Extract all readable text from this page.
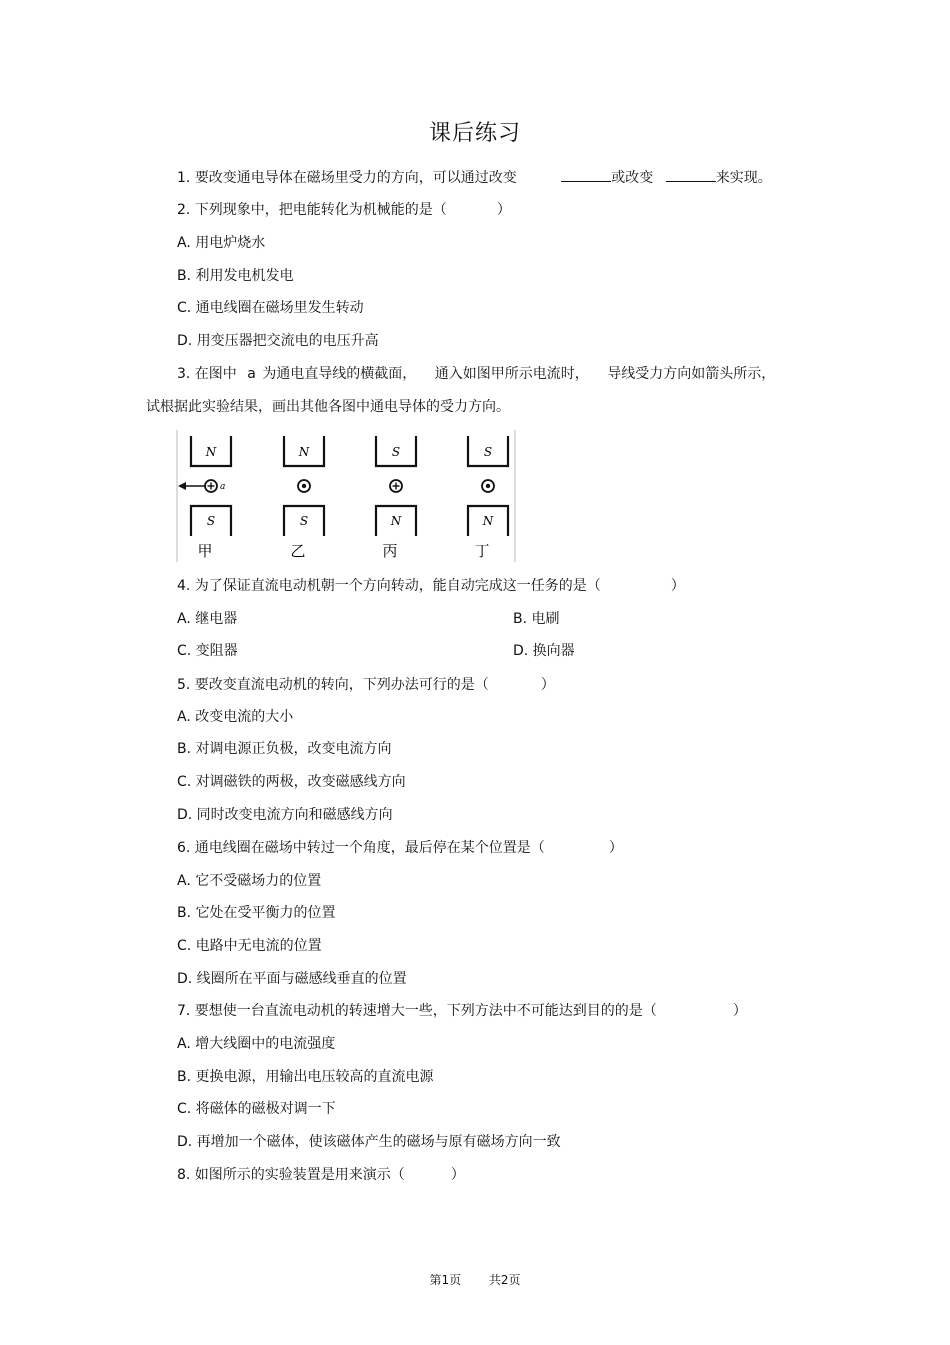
课后练习
1. 要改变通电导体在磁场里受力的方向，可以通过改变	或改变	来实现。
2. 下列现象中，把电能转化为机械能的是（	）
A. 用电炉烧水
B. 利用发电机发电
C. 通电线圈在磁场里发生转动
D. 用变压器把交流电的电压升高
3. 在图中 a 为通电直导线的横截面， 通入如图甲所示电流时， 导线受力方向如箭头所示，
试根据此实验结果，画出其他各图中通电导体的受力方向。
N
S
a
甲
N
S
乙
S
N
丙
S
N
丁
4. 为了保证直流电动机朝一个方向转动，能自动完成这一任务的是（	）
A. 继电器	B. 电刷
C. 变阻器	D. 换向器
5. 要改变直流电动机的转向，下列办法可行的是（	）
A. 改变电流的大小
B. 对调电源正负极，改变电流方向
C. 对调磁铁的两极，改变磁感线方向
D. 同时改变电流方向和磁感线方向
6. 通电线圈在磁场中转过一个角度，最后停在某个位置是（	）
A. 它不受磁场力的位置
B. 它处在受平衡力的位置
C. 电路中无电流的位置
D. 线圈所在平面与磁感线垂直的位置
7. 要想使一台直流电动机的转速增大一些，下列方法中不可能达到目的的是（	）
A. 增大线圈中的电流强度
B. 更换电源，用输出电压较高的直流电源
C. 将磁体的磁极对调一下
D. 再增加一个磁体，使该磁体产生的磁场与原有磁场方向一致
8. 如图所示的实验装置是用来演示（	）
第1页 共2页
